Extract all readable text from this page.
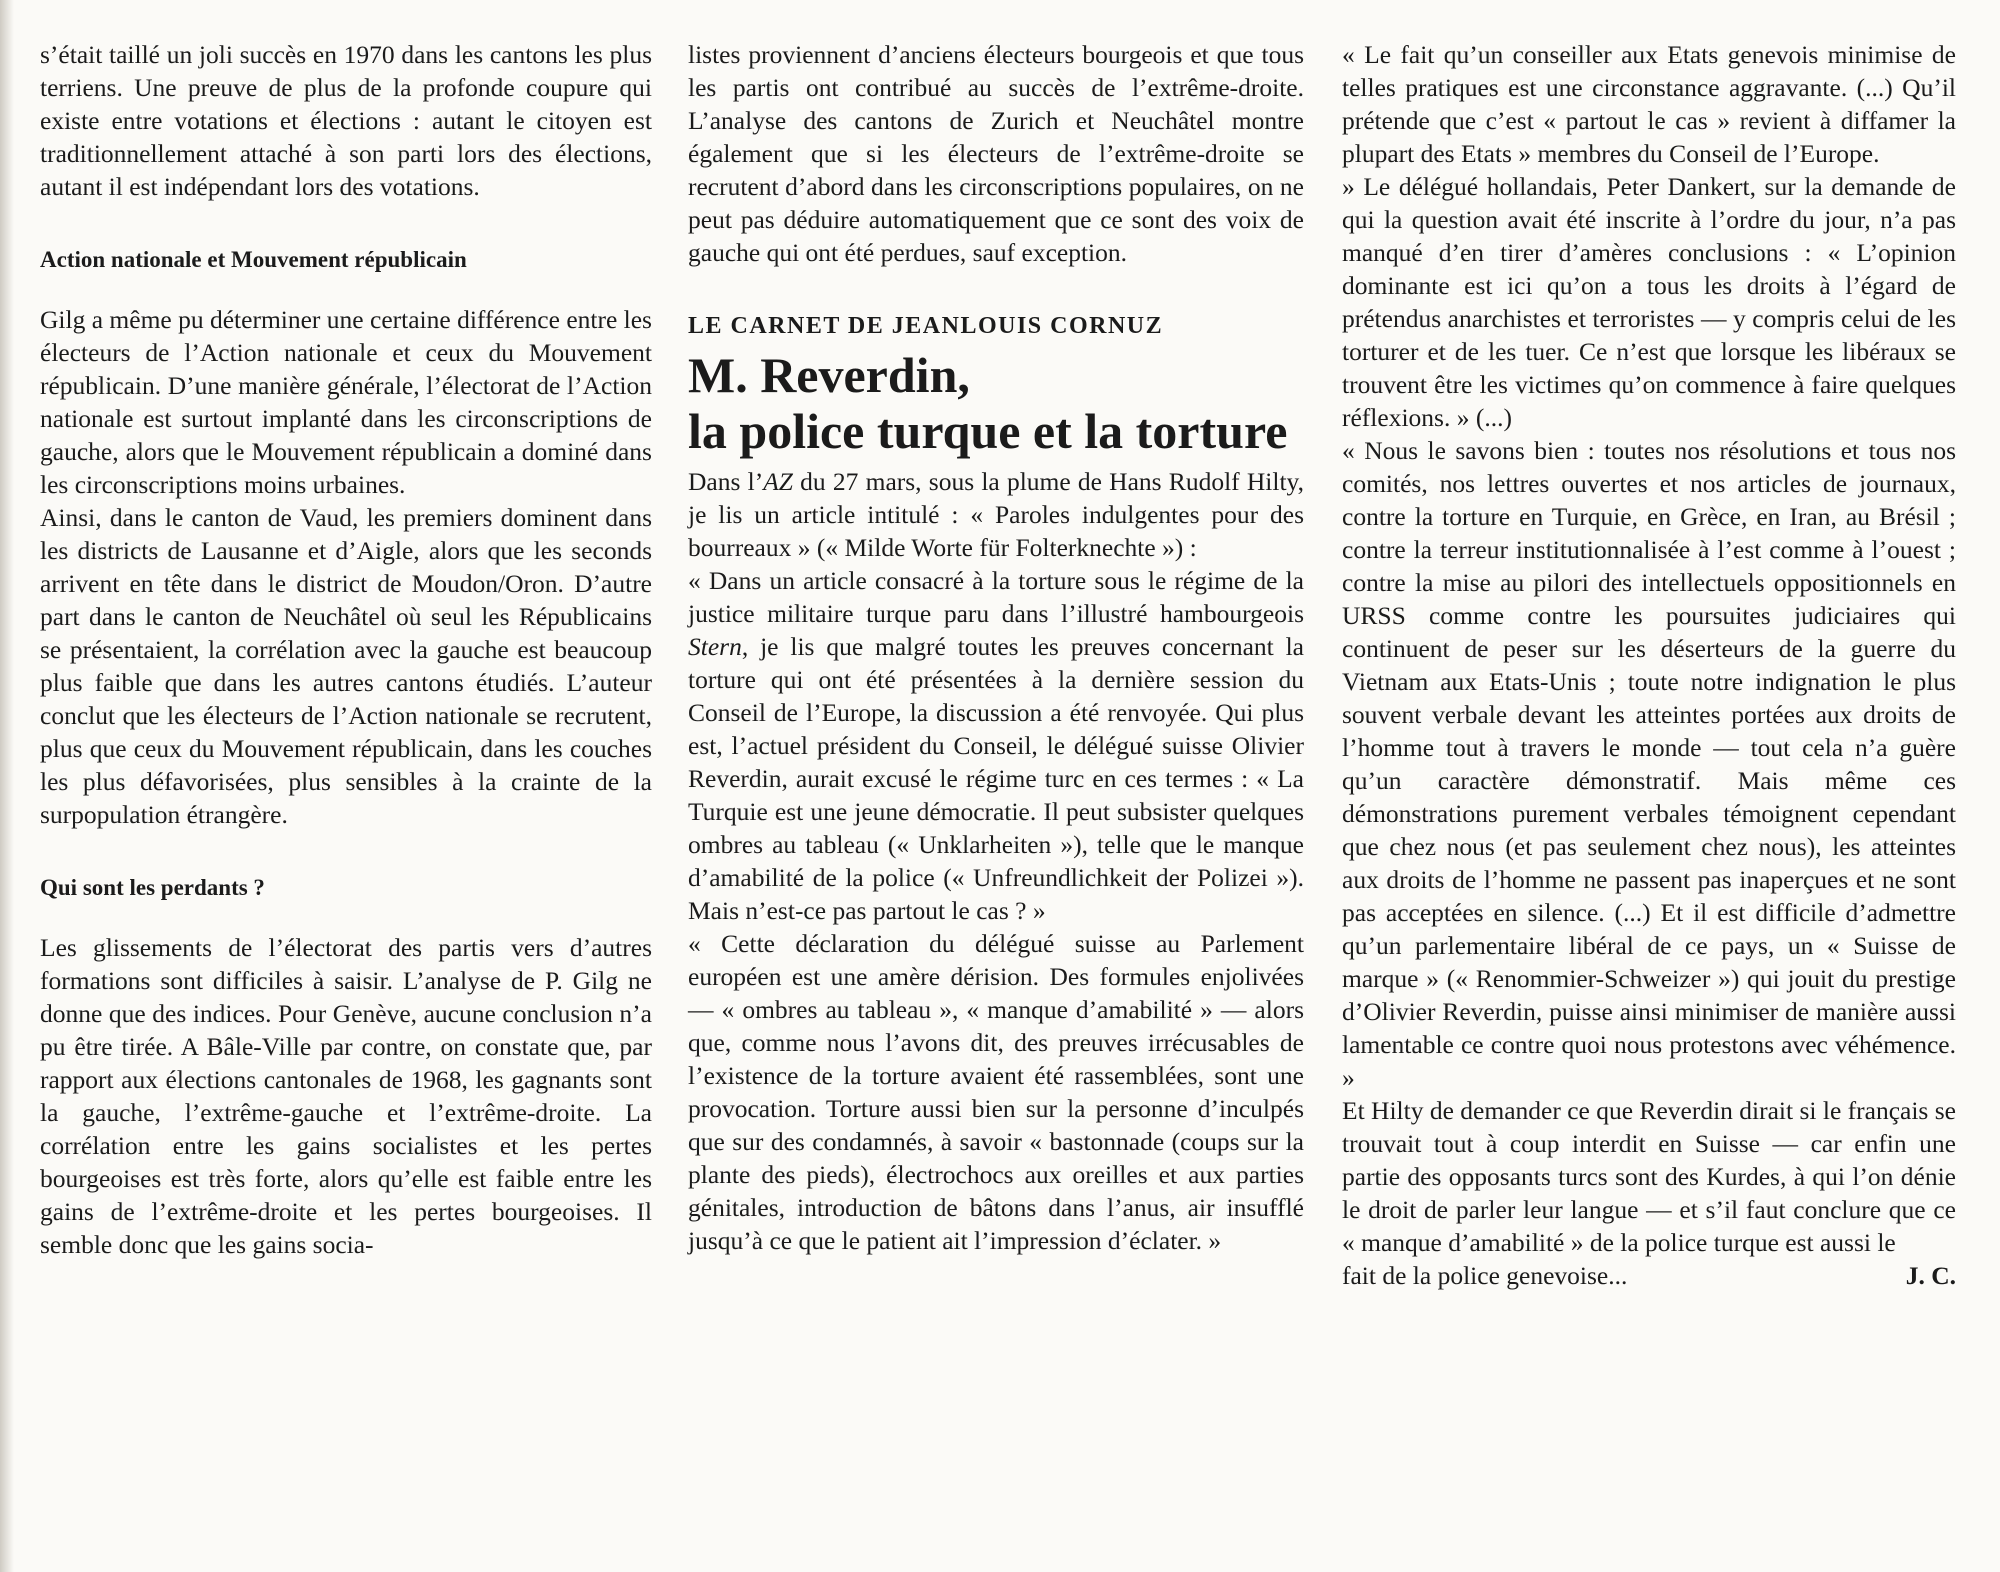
s’était taillé un joli succès en 1970 dans les cantons les plus terriens. Une preuve de plus de la profonde coupure qui existe entre votations et élections : autant le citoyen est traditionnellement attaché à son parti lors des élections, autant il est indépendant lors des votations.

Action nationale et Mouvement républicain

Gilg a même pu déterminer une certaine différence entre les électeurs de l’Action nationale et ceux du Mouvement républicain. D’une manière générale, l’électorat de l’Action nationale est surtout implanté dans les circonscriptions de gauche, alors que le Mouvement républicain a dominé dans les circonscriptions moins urbaines.

Ainsi, dans le canton de Vaud, les premiers dominent dans les districts de Lausanne et d’Aigle, alors que les seconds arrivent en tête dans le district de Moudon/Oron. D’autre part dans le canton de Neuchâtel où seul les Républicains se présentaient, la corrélation avec la gauche est beaucoup plus faible que dans les autres cantons étudiés. L’auteur conclut que les électeurs de l’Action nationale se recrutent, plus que ceux du Mouvement républicain, dans les couches les plus défavorisées, plus sensibles à la crainte de la surpopulation étrangère.

Qui sont les perdants ?

Les glissements de l’électorat des partis vers d’autres formations sont difficiles à saisir. L’analyse de P. Gilg ne donne que des indices. Pour Genève, aucune conclusion n’a pu être tirée. A Bâle-Ville par contre, on constate que, par rapport aux élections cantonales de 1968, les gagnants sont la gauche, l’extrême-gauche et l’extrême-droite. La corrélation entre les gains socialistes et les pertes bourgeoises est très forte, alors qu’elle est faible entre les gains de l’extrême-droite et les pertes bourgeoises. Il semble donc que les gains socia-

listes proviennent d’anciens électeurs bourgeois et que tous les partis ont contribué au succès de l’extrême-droite. L’analyse des cantons de Zurich et Neuchâtel montre également que si les électeurs de l’extrême-droite se recrutent d’abord dans les circonscriptions populaires, on ne peut pas déduire automatiquement que ce sont des voix de gauche qui ont été perdues, sauf exception.

LE CARNET DE JEANLOUIS CORNUZ
M. Reverdin,
la police turque et la torture

Dans l’AZ du 27 mars, sous la plume de Hans Rudolf Hilty, je lis un article intitulé : « Paroles indulgentes pour des bourreaux » (« Milde Worte für Folterknechte ») :

« Dans un article consacré à la torture sous le régime de la justice militaire turque paru dans l’illustré hambourgeois Stern, je lis que malgré toutes les preuves concernant la torture qui ont été présentées à la dernière session du Conseil de l’Europe, la discussion a été renvoyée. Qui plus est, l’actuel président du Conseil, le délégué suisse Olivier Reverdin, aurait excusé le régime turc en ces termes : « La Turquie est une jeune démocratie. Il peut subsister quelques ombres au tableau (« Unklarheiten »), telle que le manque d’amabilité de la police (« Unfreundlichkeit der Polizei »). Mais n’est-ce pas partout le cas ? »

« Cette déclaration du délégué suisse au Parlement européen est une amère dérision. Des formules enjolivées — « ombres au tableau », « manque d’amabilité » — alors que, comme nous l’avons dit, des preuves irrécusables de l’existence de la torture avaient été rassemblées, sont une provocation. Torture aussi bien sur la personne d’inculpés que sur des condamnés, à savoir « bastonnade (coups sur la plante des pieds), électrochocs aux oreilles et aux parties génitales, introduction de bâtons dans l’anus, air insufflé jusqu’à ce que le patient ait l’impression d’éclater. »

« Le fait qu’un conseiller aux Etats genevois minimise de telles pratiques est une circonstance aggravante. (...) Qu’il prétende que c’est « partout le cas » revient à diffamer la plupart des Etats » membres du Conseil de l’Europe.

» Le délégué hollandais, Peter Dankert, sur la demande de qui la question avait été inscrite à l’ordre du jour, n’a pas manqué d’en tirer d’amères conclusions : « L’opinion dominante est ici qu’on a tous les droits à l’égard de prétendus anarchistes et terroristes — y compris celui de les torturer et de les tuer. Ce n’est que lorsque les libéraux se trouvent être les victimes qu’on commence à faire quelques réflexions. » (...)

« Nous le savons bien : toutes nos résolutions et tous nos comités, nos lettres ouvertes et nos articles de journaux, contre la torture en Turquie, en Grèce, en Iran, au Brésil ; contre la terreur institutionnalisée à l’est comme à l’ouest ; contre la mise au pilori des intellectuels oppositionnels en URSS comme contre les poursuites judiciaires qui continuent de peser sur les déserteurs de la guerre du Vietnam aux Etats-Unis ; toute notre indignation le plus souvent verbale devant les atteintes portées aux droits de l’homme tout à travers le monde — tout cela n’a guère qu’un caractère démonstratif. Mais même ces démonstrations purement verbales témoignent cependant que chez nous (et pas seulement chez nous), les atteintes aux droits de l’homme ne passent pas inaperçues et ne sont pas acceptées en silence. (...) Et il est difficile d’admettre qu’un parlementaire libéral de ce pays, un « Suisse de marque » (« Renommier-Schweizer ») qui jouit du prestige d’Olivier Reverdin, puisse ainsi minimiser de manière aussi lamentable ce contre quoi nous protestons avec véhémence. »

Et Hilty de demander ce que Reverdin dirait si le français se trouvait tout à coup interdit en Suisse — car enfin une partie des opposants turcs sont des Kurdes, à qui l’on dénie le droit de parler leur langue — et s’il faut conclure que ce « manque d’amabilité » de la police turque est aussi le

fait de la police genevoise...	J. C.
